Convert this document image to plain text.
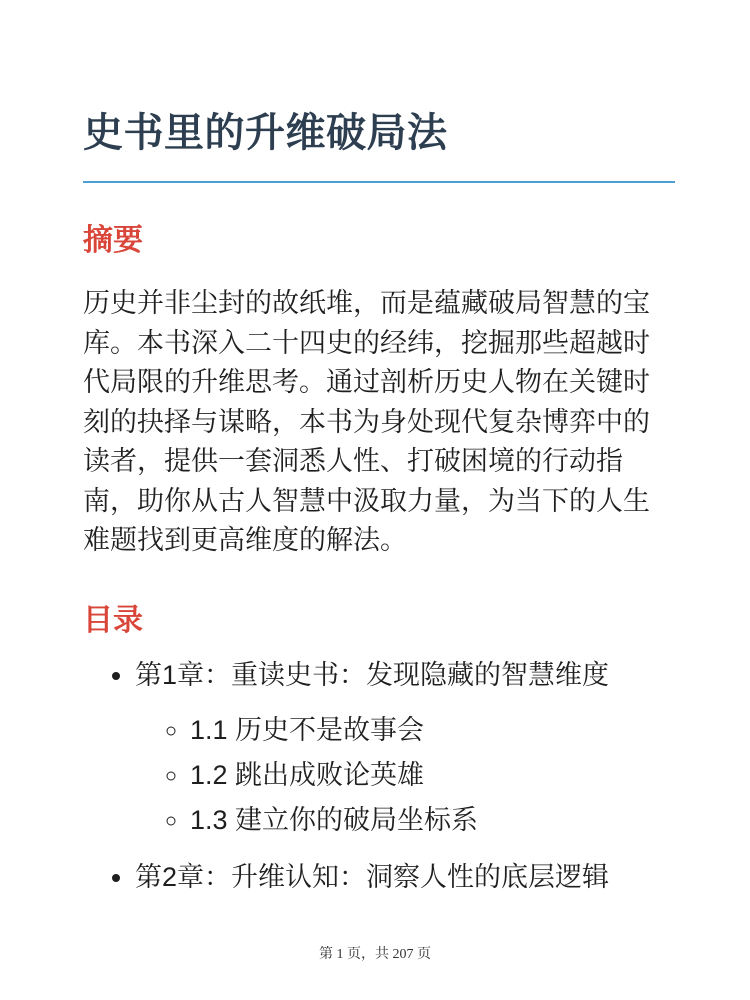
史书里的升维破局法
摘要

历史并非尘封的故纸堆，而是蕴藏破局智慧的宝库。本书深入二十四史的经纬，挖掘那些超越时代局限的升维思考。通过剖析历史人物在关键时刻的抉择与谋略，本书为身处现代复杂博弈中的读者，提供一套洞悉人性、打破困境的行动指南，助你从古人智慧中汲取力量，为当下的人生难题找到更高维度的解法。

目录
• 第1章：重读史书：发现隐藏的智慧维度
◦ 1.1 历史不是故事会
◦ 1.2 跳出成败论英雄
◦ 1.3 建立你的破局坐标系
• 第2章：升维认知：洞察人性的底层逻辑
第 1 页，共 207 页
